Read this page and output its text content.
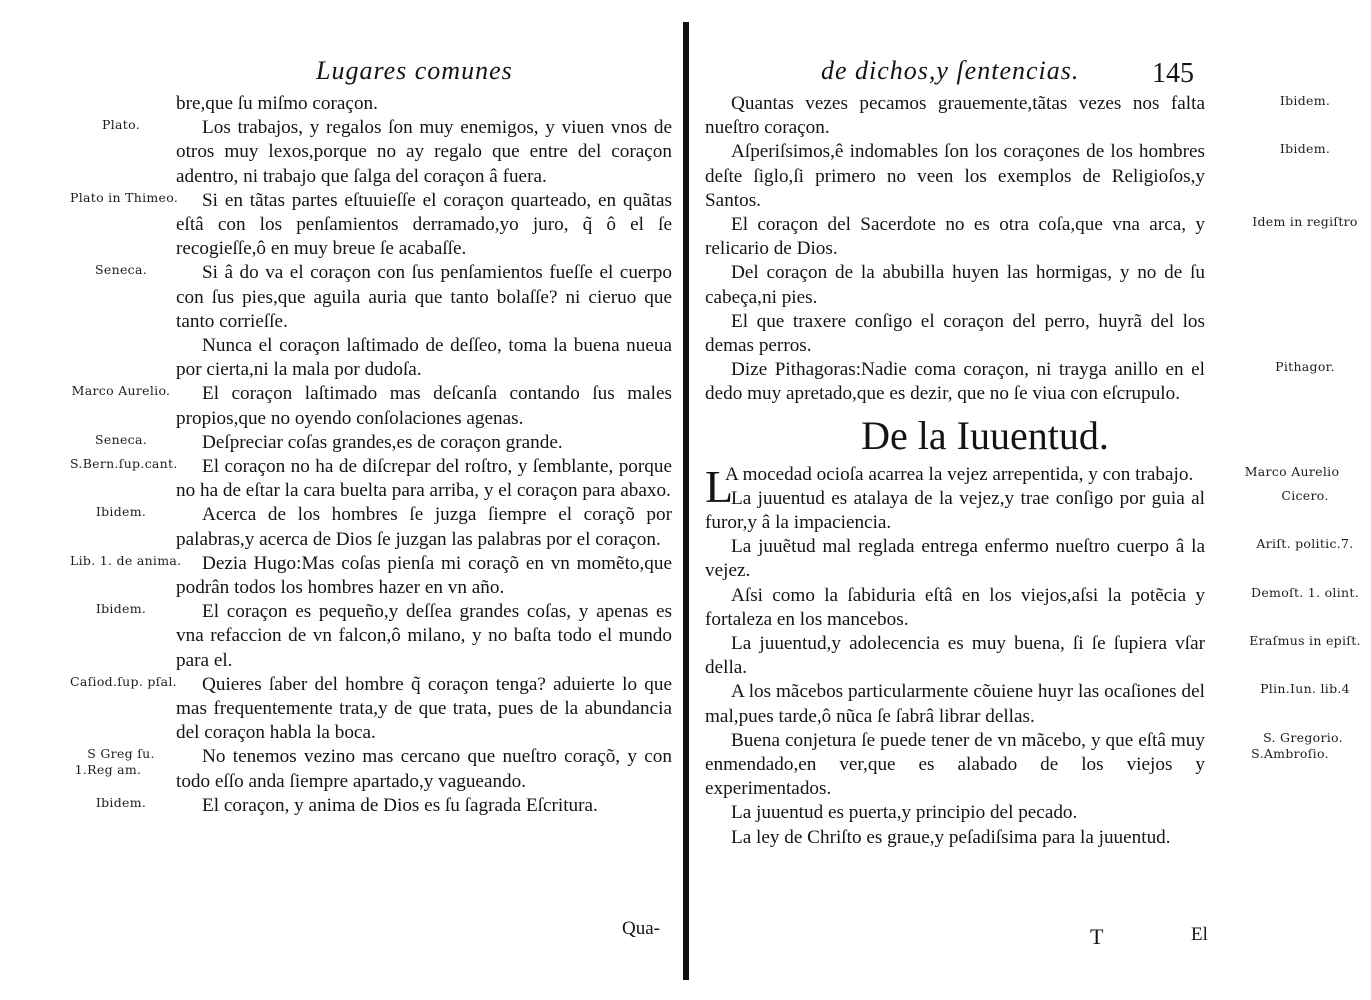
Lugares comunes

bre,que ſu miſmo coraçon.

Plato.	Los trabajos, y regalos ſon muy enemigos, y viuen vnos de otros muy lexos,porque no ay regalo que entre del coraçon adentro, ni trabajo que ſalga del coraçon â fuera.

Plato in Thimeo. Si en tãtas partes eſtuuieſſe el coraçon quarteado, en quãtas eſtâ con los penſamientos derramado,yo juro, q̃ ô el ſe recogieſſe,ô en muy breue ſe acabaſſe.

Seneca.	Si â do va el coraçon con ſus penſamientos fueſſe el cuerpo con ſus pies,que aguila auria que tanto bolaſſe? ni cieruo que tanto corrieſſe.

Nunca el coraçon laſtimado de deſſeo, toma la buena nueua por cierta,ni la mala por dudoſa.

Marco Aurelio. El coraçon laſtimado mas deſcanſa contando ſus males propios,que no oyendo conſolaciones agenas.

Seneca.	Deſpreciar coſas grandes,es de coraçon grande.

S.Bern.ſup.cant. El coraçon no ha de diſcrepar del roſtro, y ſemblante, porque no ha de eſtar la cara buelta para arriba, y el coraçon para abaxo.

Ibidem.	Acerca de los hombres ſe juzga ſiempre el coraçõ por palabras,y acerca de Dios ſe juzgan las palabras por el coraçon.

Lib. 1. de anima. Dezia Hugo:Mas coſas pienſa mi coraçõ en vn momẽto,que podrân todos los hombres hazer en vn año.

Ibidem.	El coraçon es pequeño,y deſſea grandes coſas, y apenas es vna refaccion de vn falcon,ô milano, y no baſta todo el mundo para el.

Caſiod.ſup. pſal. Quieres ſaber del hombre q̃ coraçon tenga? aduierte lo que mas frequentemente trata,y de que trata, pues de la abundancia del coraçon habla la boca.

S Greg ſu. 1.Reg am.
No tenemos vezino mas cercano que nueſtro coraçõ, y con todo eſſo anda ſiempre apartado,y vagueando.

Ibidem.	El coraçon, y anima de Dios es ſu ſagrada Eſcritura.

Qua-
de dichos,y ſentencias.	145

Ibidem.
Quantas vezes pecamos grauemente,tãtas vezes nos falta nueſtro coraçon.

Ibidem.
Aſperiſsimos,ê indomables ſon los coraçones de los hombres deſte ſiglo,ſi primero no veen los exemplos de Religioſos,y Santos.

Idem in regiſtro
El coraçon del Sacerdote no es otra coſa,que vna arca, y relicario de Dios.

Del coraçon de la abubilla huyen las hormigas, y no de ſu cabeça,ni pies.

El que traxere conſigo el coraçon del perro, huyrã del los demas perros.

Pithagor.
Dize Pithagoras:Nadie coma coraçon, ni trayga anillo en el dedo muy apretado,que es dezir, que no ſe viua con eſcrupulo.

De la Iuuentud.

L	Marco Aurelio
A mocedad ocioſa acarrea la vejez arrepentida, y con trabajo.

Cicero.
La juuentud es atalaya de la vejez,y trae conſigo por guia al furor,y â la impaciencia.

Ariſt. politic.7.
La juuẽtud mal reglada entrega enfermo nueſtro cuerpo â la vejez.

Demoſt. 1. olint.
Aſsi como la ſabiduria eſtâ en los viejos,aſsi la potẽcia y fortaleza en los mancebos.

Eraſmus in epiſt.
La juuentud,y adolecencia es muy buena, ſi ſe ſupiera vſar della.

Plin.Iun. lib.4
A los mãcebos particularmente cõuiene huyr las ocaſiones del mal,pues tarde,ô nũca ſe ſabrâ librar dellas.

S. Gregorio. S.Ambroſio.
Buena conjetura ſe puede tener de vn mãcebo, y que eſtâ muy enmendado,en ver,que es alabado de los viejos y experimentados.

La juuentud es puerta,y principio del pecado.

La ley de Chriſto es graue,y peſadiſsima para la juuentud.

T	El
